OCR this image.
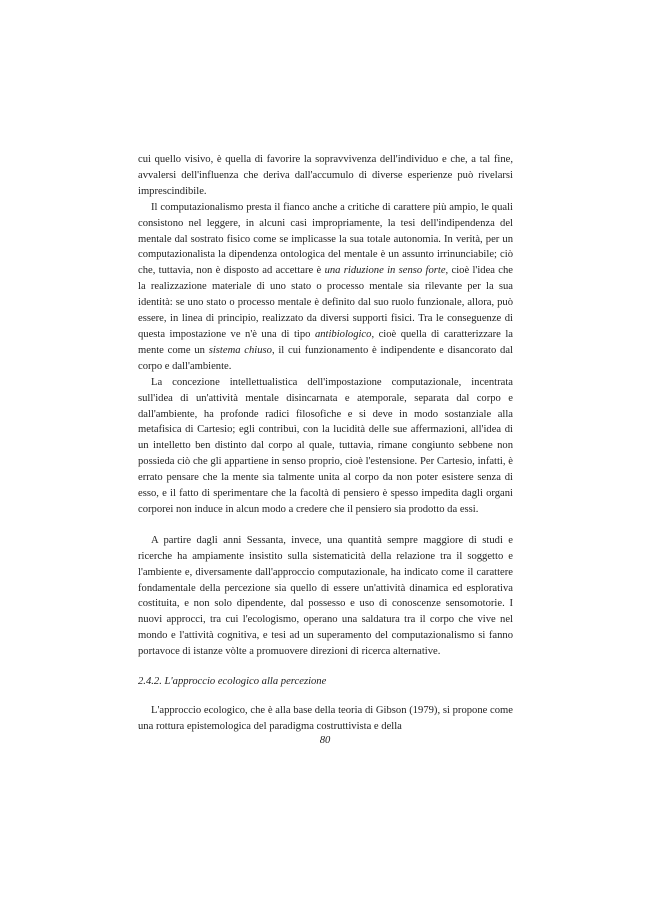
cui quello visivo, è quella di favorire la sopravvivenza dell'individuo e che, a tal fine, avvalersi dell'influenza che deriva dall'accumulo di diverse esperienze può rivelarsi imprescindibile.

Il computazionalismo presta il fianco anche a critiche di carattere più ampio, le quali consistono nel leggere, in alcuni casi impropriamente, la tesi dell'indipendenza del mentale dal sostrato fisico come se implicasse la sua totale autonomia. In verità, per un computazionalista la dipendenza ontologica del mentale è un assunto irrinunciabile; ciò che, tuttavia, non è disposto ad accettare è una riduzione in senso forte, cioè l'idea che la realizzazione materiale di uno stato o processo mentale sia rilevante per la sua identità: se uno stato o processo mentale è definito dal suo ruolo funzionale, allora, può essere, in linea di principio, realizzato da diversi supporti fisici. Tra le conseguenze di questa impostazione ve n'è una di tipo antibiologico, cioè quella di caratterizzare la mente come un sistema chiuso, il cui funzionamento è indipendente e disancorato dal corpo e dall'ambiente.

La concezione intellettualistica dell'impostazione computazionale, incentrata sull'idea di un'attività mentale disincarnata e atemporale, separata dal corpo e dall'ambiente, ha profonde radici filosofiche e si deve in modo sostanziale alla metafisica di Cartesio; egli contribuì, con la lucidità delle sue affermazioni, all'idea di un intelletto ben distinto dal corpo al quale, tuttavia, rimane congiunto sebbene non possieda ciò che gli appartiene in senso proprio, cioè l'estensione. Per Cartesio, infatti, è errato pensare che la mente sia talmente unita al corpo da non poter esistere senza di esso, e il fatto di sperimentare che la facoltà di pensiero è spesso impedita dagli organi corporei non induce in alcun modo a credere che il pensiero sia prodotto da essi.

A partire dagli anni Sessanta, invece, una quantità sempre maggiore di studi e ricerche ha ampiamente insistito sulla sistematicità della relazione tra il soggetto e l'ambiente e, diversamente dall'approccio computazionale, ha indicato come il carattere fondamentale della percezione sia quello di essere un'attività dinamica ed esplorativa costituita, e non solo dipendente, dal possesso e uso di conoscenze sensomotorie. I nuovi approcci, tra cui l'ecologismo, operano una saldatura tra il corpo che vive nel mondo e l'attività cognitiva, e tesi ad un superamento del computazionalismo si fanno portavoce di istanze vòlte a promuovere direzioni di ricerca alternative.

2.4.2. L'approccio ecologico alla percezione

L'approccio ecologico, che è alla base della teoria di Gibson (1979), si propone come una rottura epistemologica del paradigma costruttivista e della

80
